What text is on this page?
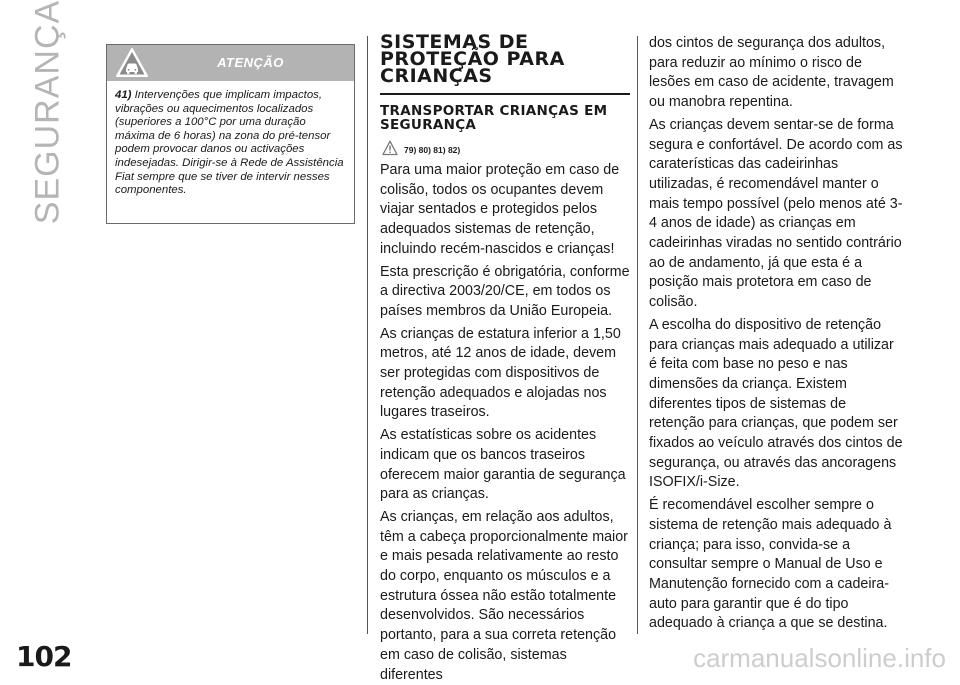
SEGURANÇA
102	carmanualsonline.info
ATENÇÃO
41) Intervenções que implicam impactos, vibrações ou aquecimentos localizados (superiores a 100°C por uma duração máxima de 6 horas) na zona do pré-tensor podem provocar danos ou activações indesejadas. Dirigir-se à Rede de Assistência Fiat sempre que se tiver de intervir nesses componentes.
SISTEMAS DE PROTEÇÃO PARA CRIANÇAS
TRANSPORTAR CRIANÇAS EM SEGURANÇA
79) 80) 81) 82)

Para uma maior proteção em caso de colisão, todos os ocupantes devem viajar sentados e protegidos pelos adequados sistemas de retenção, incluindo recém-nascidos e crianças!

Esta prescrição é obrigatória, conforme a directiva 2003/20/CE, em todos os países membros da União Europeia.

As crianças de estatura inferior a 1,50 metros, até 12 anos de idade, devem ser protegidas com dispositivos de retenção adequados e alojadas nos lugares traseiros.

As estatísticas sobre os acidentes indicam que os bancos traseiros oferecem maior garantia de segurança para as crianças.

As crianças, em relação aos adultos, têm a cabeça proporcionalmente maior e mais pesada relativamente ao resto do corpo, enquanto os músculos e a estrutura óssea não estão totalmente desenvolvidos. São necessários portanto, para a sua correta retenção em caso de colisão, sistemas diferentes

dos cintos de segurança dos adultos, para reduzir ao mínimo o risco de lesões em caso de acidente, travagem ou manobra repentina.

As crianças devem sentar-se de forma segura e confortável. De acordo com as caraterísticas das cadeirinhas utilizadas, é recomendável manter o mais tempo possível (pelo menos até 3-4 anos de idade) as crianças em cadeirinhas viradas no sentido contrário ao de andamento, já que esta é a posição mais protetora em caso de colisão.

A escolha do dispositivo de retenção para crianças mais adequado a utilizar é feita com base no peso e nas dimensões da criança. Existem diferentes tipos de sistemas de retenção para crianças, que podem ser fixados ao veículo através dos cintos de segurança, ou através das ancoragens ISOFIX/i-Size.

É recomendável escolher sempre o sistema de retenção mais adequado à criança; para isso, convida-se a consultar sempre o Manual de Uso e Manutenção fornecido com a cadeira-auto para garantir que é do tipo adequado à criança a que se destina.
